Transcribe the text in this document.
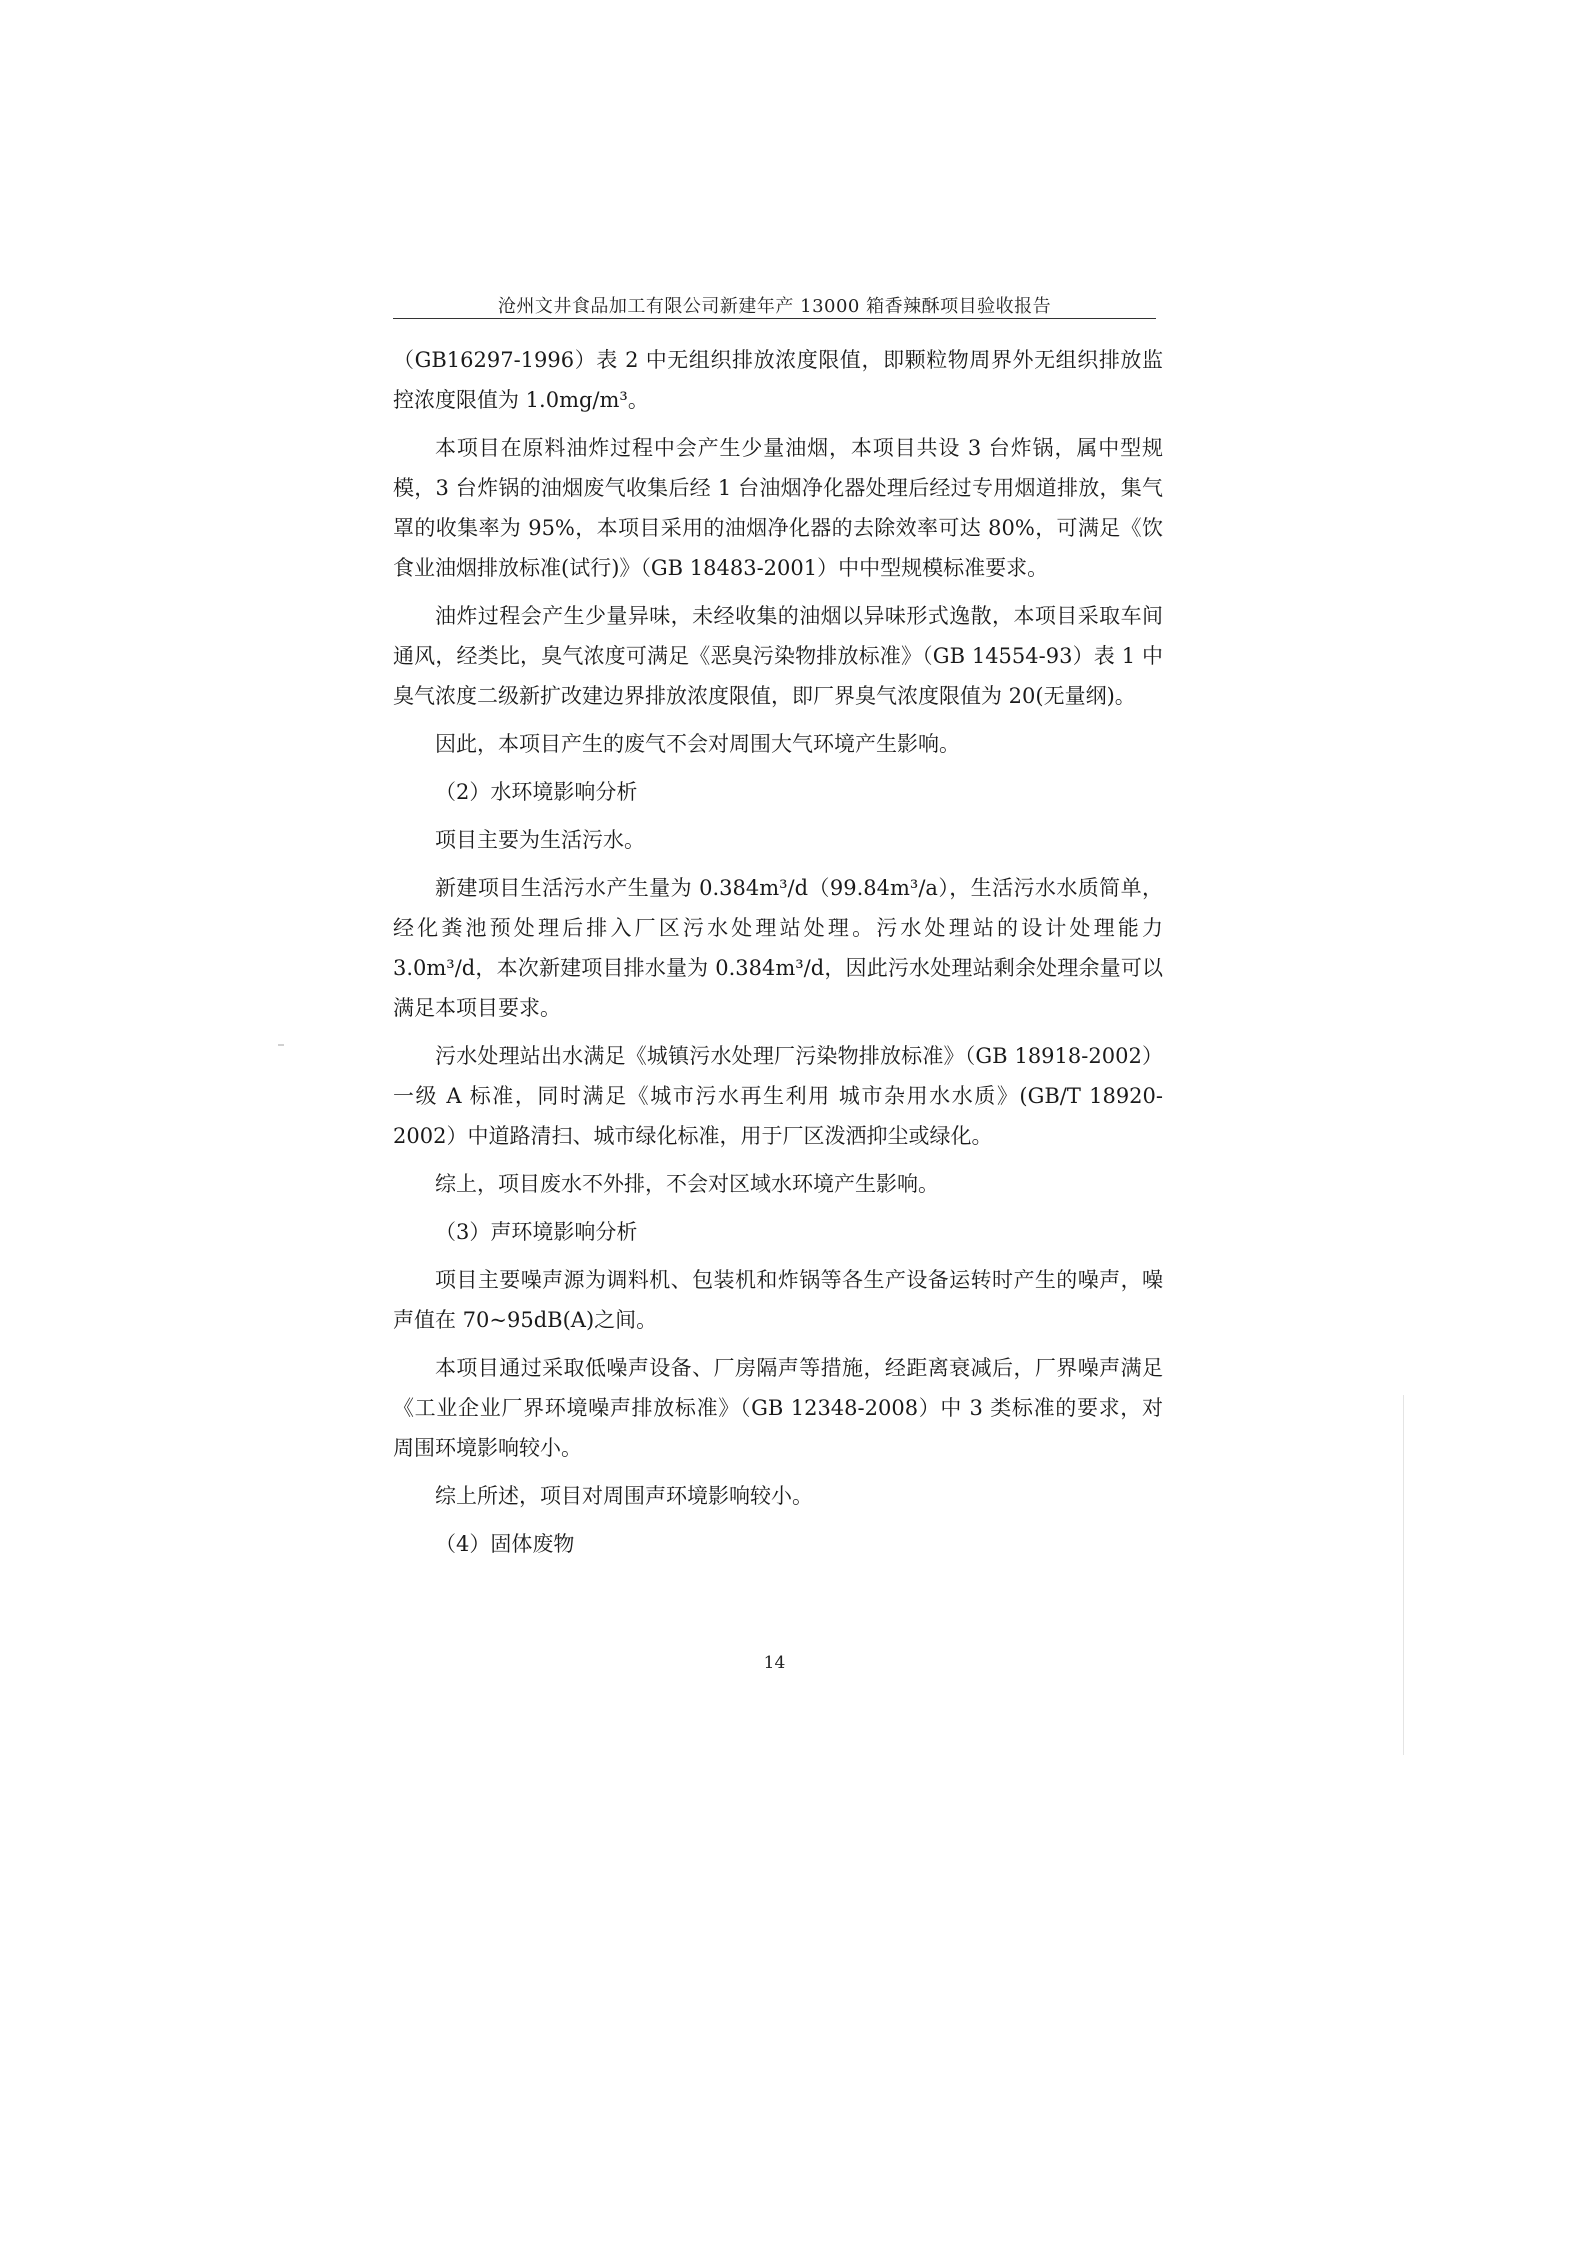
沧州文井食品加工有限公司新建年产 13000 箱香辣酥项目验收报告

（GB16297-1996）表 2 中无组织排放浓度限值，即颗粒物周界外无组织排放监控浓度限值为 1.0mg/m³。

本项目在原料油炸过程中会产生少量油烟，本项目共设 3 台炸锅，属中型规模，3 台炸锅的油烟废气收集后经 1 台油烟净化器处理后经过专用烟道排放，集气罩的收集率为 95%，本项目采用的油烟净化器的去除效率可达 80%，可满足《饮食业油烟排放标准(试行)》（GB 18483-2001）中中型规模标准要求。

油炸过程会产生少量异味，未经收集的油烟以异味形式逸散，本项目采取车间通风，经类比，臭气浓度可满足《恶臭污染物排放标准》（GB 14554-93）表 1 中臭气浓度二级新扩改建边界排放浓度限值，即厂界臭气浓度限值为 20(无量纲)。

因此，本项目产生的废气不会对周围大气环境产生影响。

（2）水环境影响分析

项目主要为生活污水。

新建项目生活污水产生量为 0.384m³/d（99.84m³/a），生活污水水质简单，经化粪池预处理后排入厂区污水处理站处理。污水处理站的设计处理能力 3.0m³/d，本次新建项目排水量为 0.384m³/d，因此污水处理站剩余处理余量可以满足本项目要求。

污水处理站出水满足《城镇污水处理厂污染物排放标准》（GB 18918-2002）一级 A 标准，同时满足《城市污水再生利用 城市杂用水水质》(GB/T 18920-2002）中道路清扫、城市绿化标准，用于厂区泼洒抑尘或绿化。

综上，项目废水不外排，不会对区域水环境产生影响。

（3）声环境影响分析

项目主要噪声源为调料机、包装机和炸锅等各生产设备运转时产生的噪声，噪声值在 70~95dB(A)之间。

本项目通过采取低噪声设备、厂房隔声等措施，经距离衰减后，厂界噪声满足《工业企业厂界环境噪声排放标准》（GB 12348-2008）中 3 类标准的要求，对周围环境影响较小。

综上所述，项目对周围声环境影响较小。

（4）固体废物

14
